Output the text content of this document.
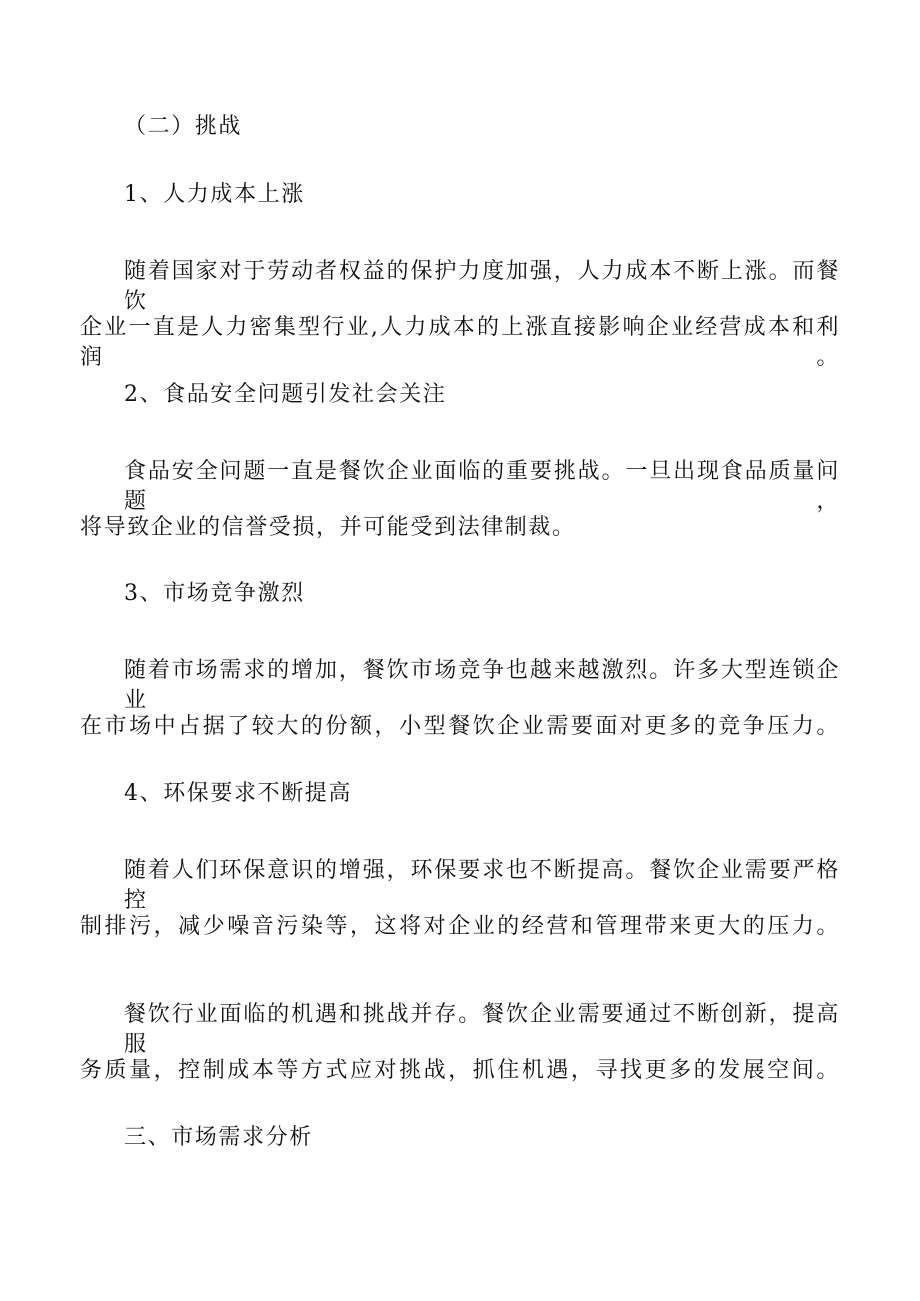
（二）挑战
1、人力成本上涨
随着国家对于劳动者权益的保护力度加强，人力成本不断上涨。而餐饮
企业一直是人力密集型行业,人力成本的上涨直接影响企业经营成本和利润。
2、食品安全问题引发社会关注
食品安全问题一直是餐饮企业面临的重要挑战。一旦出现食品质量问题，
将导致企业的信誉受损，并可能受到法律制裁。
3、市场竞争激烈
随着市场需求的增加，餐饮市场竞争也越来越激烈。许多大型连锁企业
在市场中占据了较大的份额，小型餐饮企业需要面对更多的竞争压力。
4、环保要求不断提高
随着人们环保意识的增强，环保要求也不断提高。餐饮企业需要严格控
制排污，减少噪音污染等，这将对企业的经营和管理带来更大的压力。
餐饮行业面临的机遇和挑战并存。餐饮企业需要通过不断创新，提高服
务质量，控制成本等方式应对挑战，抓住机遇，寻找更多的发展空间。
三、市场需求分析
